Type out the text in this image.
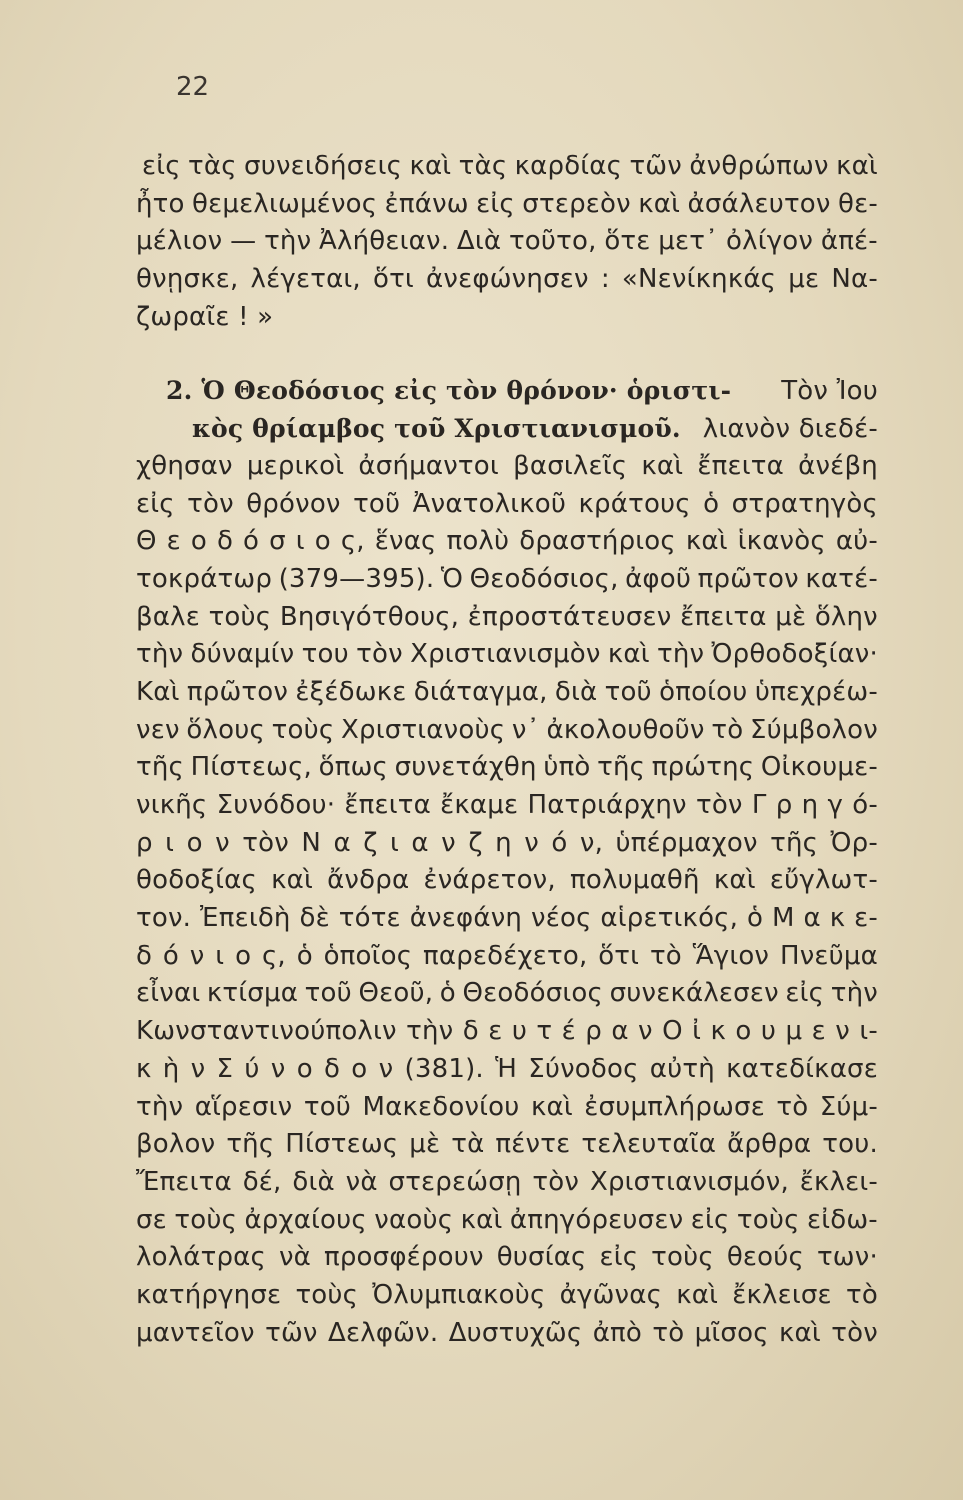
22
εἰς τὰς συνειδήσεις καὶ τὰς καρδίας τῶν ἀνθρώπων καὶ
ἦτο θεμελιωμένος ἐπάνω εἰς στερεὸν καὶ ἀσάλευτον θε-
μέλιον — τὴν Ἀλήθειαν. Διὰ τοῦτο, ὅτε μετ᾽ ὀλίγον ἀπέ-
θνῃσκε, λέγεται, ὅτι ἀνεφώνησεν : «Νενίκηκάς με Να-
ζωραῖε ! »
2. Ὁ Θεοδόσιος εἰς τὸν θρόνον· ὁριστι- Τὸν Ἰου
κὸς θρίαμβος τοῦ Χριστιανισμοῦ. λιανὸν διεδέ-
χθησαν μερικοὶ ἀσήμαντοι βασιλεῖς καὶ ἔπειτα ἀνέβη
εἰς τὸν θρόνον τοῦ Ἀνατολικοῦ κράτους ὁ στρατηγὸς
Θ ε ο δ ό σ ι ο ς, ἕνας πολὺ δραστήριος καὶ ἱκανὸς αὐ-
τοκράτωρ (379—395). Ὁ Θεοδόσιος, ἀφοῦ πρῶτον κατέ-
βαλε τοὺς Βησιγότθους, ἐπροστάτευσεν ἔπειτα μὲ ὅλην
τὴν δύναμίν του τὸν Χριστιανισμὸν καὶ τὴν Ὀρθοδοξίαν·
Καὶ πρῶτον ἐξέδωκε διάταγμα, διὰ τοῦ ὁποίου ὑπεχρέω-
νεν ὅλους τοὺς Χριστιανοὺς ν᾽ ἀκολουθοῦν τὸ Σύμβολον
τῆς Πίστεως, ὅπως συνετάχθη ὑπὸ τῆς πρώτης Οἰκουμε-
νικῆς Συνόδου· ἔπειτα ἔκαμε Πατριάρχην τὸν Γ ρ η γ ό-
ρ ι ο ν τὸν Ν α ζ ι α ν ζ η ν ό ν, ὑπέρμαχον τῆς Ὀρ-
θοδοξίας καὶ ἄνδρα ἐνάρετον, πολυμαθῆ καὶ εὔγλωτ-
τον. Ἐπειδὴ δὲ τότε ἀνεφάνη νέος αἱρετικός, ὁ Μ α κ ε-
δ ό ν ι ο ς, ὁ ὁποῖος παρεδέχετο, ὅτι τὸ Ἅγιον Πνεῦμα
εἶναι κτίσμα τοῦ Θεοῦ, ὁ Θεοδόσιος συνεκάλεσεν εἰς τὴν
Κωνσταντινούπολιν τὴν δ ε υ τ έ ρ α ν Ο ἰ κ ο υ μ ε ν ι-
κ ὴ ν Σ ύ ν ο δ ο ν (381). Ἡ Σύνοδος αὐτὴ κατεδίκασε
τὴν αἵρεσιν τοῦ Μακεδονίου καὶ ἐσυμπλήρωσε τὸ Σύμ-
βολον τῆς Πίστεως μὲ τὰ πέντε τελευταῖα ἄρθρα του.
Ἔπειτα δέ, διὰ νὰ στερεώσῃ τὸν Χριστιανισμόν, ἔκλει-
σε τοὺς ἀρχαίους ναοὺς καὶ ἀπηγόρευσεν εἰς τοὺς εἰδω-
λολάτρας νὰ προσφέρουν θυσίας εἰς τοὺς θεούς των·
κατήργησε τοὺς Ὀλυμπιακοὺς ἀγῶνας καὶ ἔκλεισε τὸ
μαντεῖον τῶν Δελφῶν. Δυστυχῶς ἀπὸ τὸ μῖσος καὶ τὸν
